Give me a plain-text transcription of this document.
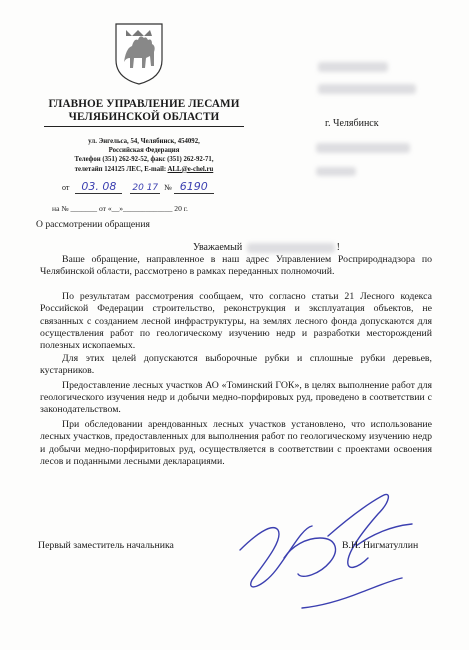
ГЛАВНОЕ УПРАВЛЕНИЕ ЛЕСАМИ
ЧЕЛЯБИНСКОЙ ОБЛАСТИ
ул. Энгельса, 54, Челябинск, 454092,
Российская Федерация
Телефон (351) 262-92-52, факс (351) 262-92-71,
телетайп 124125 ЛЕС, E-mail: ALL@e-chel.ru
г. Челябинск
от 03. 08 20 17 № 6190
на № _______ от «__»_____________ 20 г.
О рассмотрении обращения
Уважаемый	!

Ваше обращение, направленное в наш адрес Управлением Росприроднадзора по Челябинской области, рассмотрено в рамках переданных полномочий.

По результатам рассмотрения сообщаем, что согласно статьи 21 Лесного кодекса Российской Федерации строительство, реконструкция и эксплуатация объектов, не связанных с созданием лесной инфраструктуры, на землях лесного фонда допускаются для осуществления работ по геологическому изучению недр и разработки месторождений полезных ископаемых.

Для этих целей допускаются выборочные рубки и сплошные рубки деревьев, кустарников.

Предоставление лесных участков АО «Томинский ГОК», в целях выполнение работ для геологического изучения недр и добычи медно-порфировых руд, проведено в соответствии с законодательством.

При обследовании арендованных лесных участков установлено, что использование лесных участков, предоставленных для выполнения работ по геологическому изучению недр и добычи медно-порфиритовых руд, осуществляется в соответствии с проектами освоения лесов и поданными лесными декларациями.

Первый заместитель начальника	В.Н. Нигматуллин
